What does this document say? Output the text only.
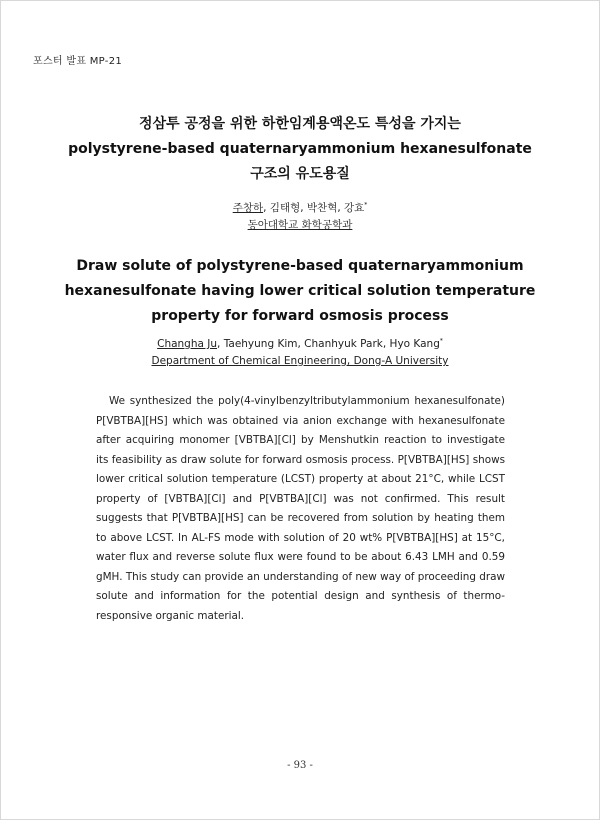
포스터 발표 MP-21
정삼투 공정을 위한 하한임계용액온도 특성을 가지는
polystyrene-based quaternaryammonium hexanesulfonate
구조의 유도용질
주창하, 김태형, 박찬혁, 강효*
동아대학교 화학공학과
Draw solute of polystyrene-based quaternaryammonium
hexanesulfonate having lower critical solution temperature
property for forward osmosis process
Changha Ju, Taehyung Kim, Chanhyuk Park, Hyo Kang*
Department of Chemical Engineering, Dong-A University

We synthesized the poly(4-vinylbenzyltributylammonium hexanesulfonate) P[VBTBA][HS] which was obtained via anion exchange with hexanesulfonate after acquiring monomer [VBTBA][Cl] by Menshutkin reaction to investigate its feasibility as draw solute for forward osmosis process. P[VBTBA][HS] shows lower critical solution temperature (LCST) property at about 21°C, while LCST property of [VBTBA][Cl] and P[VBTBA][Cl] was not confirmed. This result suggests that P[VBTBA][HS] can be recovered from solution by heating them to above LCST. In AL-FS mode with solution of 20 wt% P[VBTBA][HS] at 15°C, water flux and reverse solute flux were found to be about 6.43 LMH and 0.59 gMH. This study can provide an understanding of new way of proceeding draw solute and information for the potential design and synthesis of thermo-responsive organic material.

- 93 -
